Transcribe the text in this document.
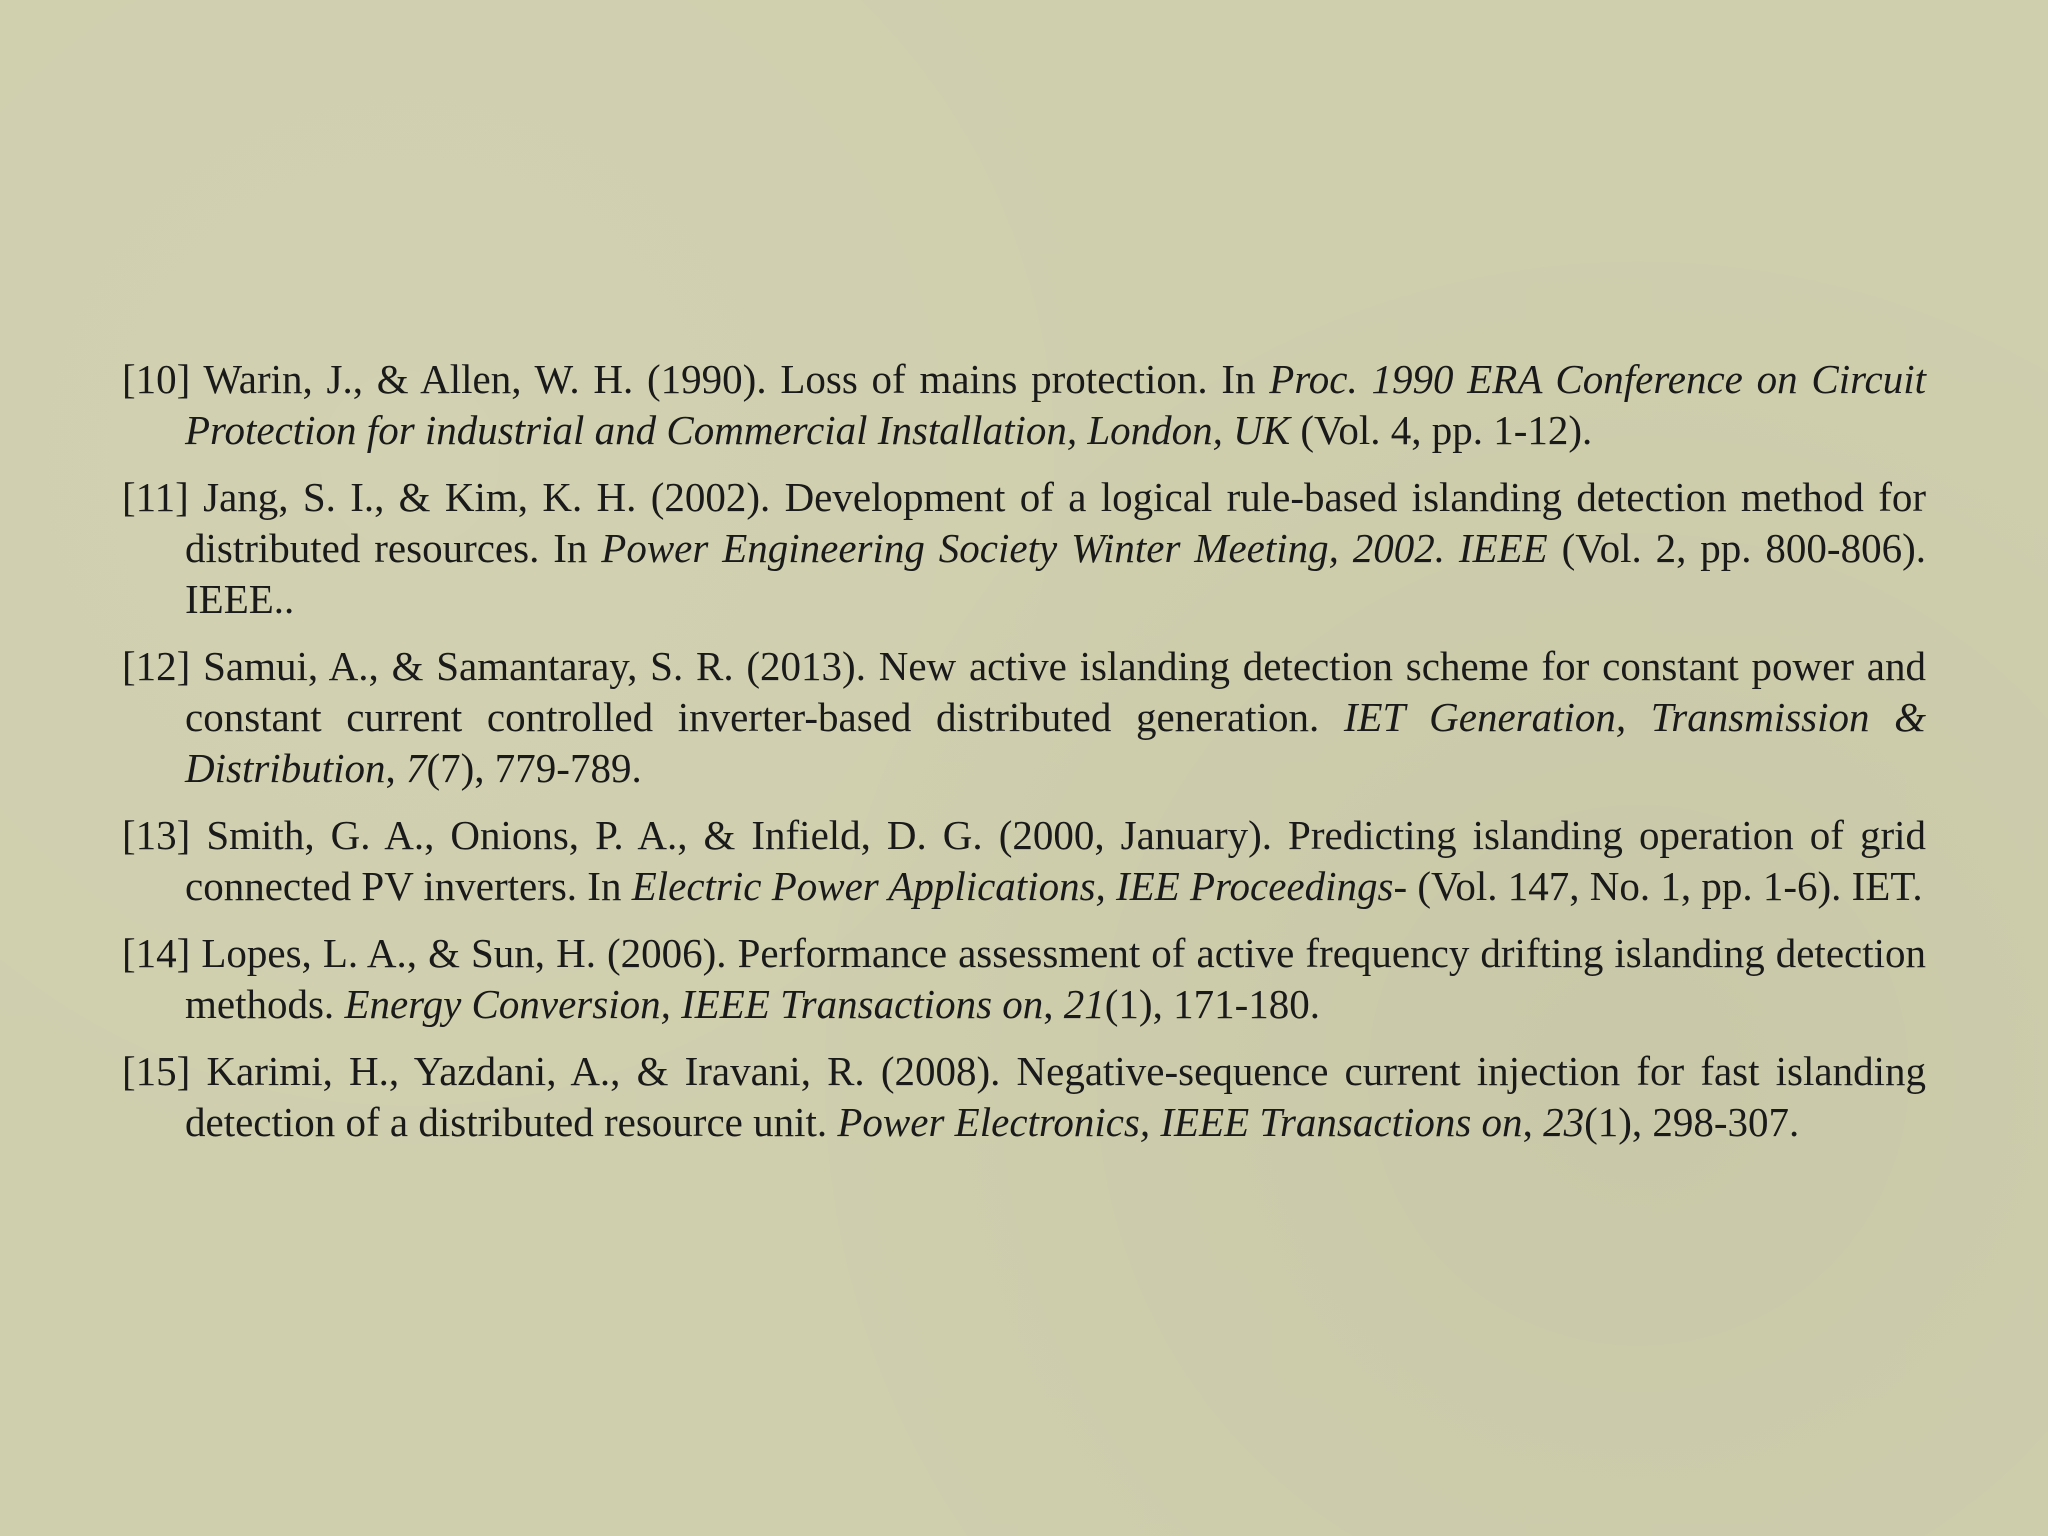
[10] Warin, J., & Allen, W. H. (1990). Loss of mains protection. In Proc. 1990 ERA Conference on Circuit Protection for industrial and Commercial Installation, London, UK (Vol. 4, pp. 1-12).

[11] Jang, S. I., & Kim, K. H. (2002). Development of a logical rule-based islanding detection method for distributed resources. In Power Engineering Society Winter Meeting, 2002. IEEE (Vol. 2, pp. 800-806). IEEE..

[12] Samui, A., & Samantaray, S. R. (2013). New active islanding detection scheme for constant power and constant current controlled inverter-based distributed generation. IET Generation, Transmission & Distribution, 7(7), 779-789.

[13] Smith, G. A., Onions, P. A., & Infield, D. G. (2000, January). Predicting islanding operation of grid connected PV inverters. In Electric Power Applications, IEE Proceedings- (Vol. 147, No. 1, pp. 1-6). IET.

[14] Lopes, L. A., & Sun, H. (2006). Performance assessment of active frequency drifting islanding detection methods. Energy Conversion, IEEE Transactions on, 21(1), 171-180.

[15] Karimi, H., Yazdani, A., & Iravani, R. (2008). Negative-sequence current injection for fast islanding detection of a distributed resource unit. Power Electronics, IEEE Transactions on, 23(1), 298-307.
